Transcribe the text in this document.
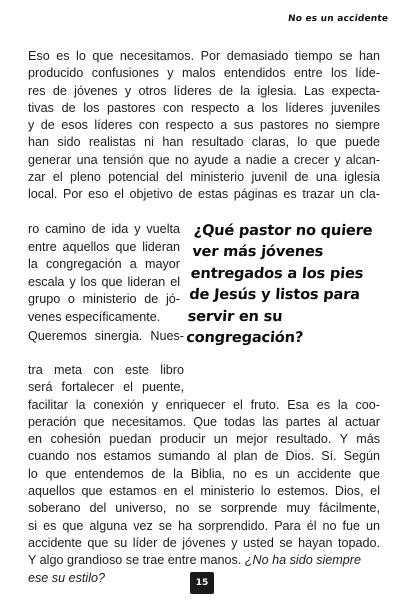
No es un accidente
Eso es lo que necesitamos. Por demasiado tiempo se han
producido confusiones y malos entendidos entre los líde-
res de jóvenes y otros líderes de la iglesia. Las expecta-
tivas de los pastores con respecto a los líderes juveniles
y de esos líderes con respecto a sus pastores no siempre
han sido realistas ni han resultado claras, lo que puede
generar una tensión que no ayude a nadie a crecer y alcan-
zar el pleno potencial del ministerio juvenil de una iglesia
local. Por eso el objetivo de estas páginas es trazar un cla-
ro camino de ida y vuelta
entre aquellos que lideran
la congregación a mayor
escala y los que lideran el
grupo o ministerio de jó-
venes específicamente.
¿Qué pastor no quiere
ver más jóvenes
entregados a los pies
de Jesús y listos para
servir en su
congregación?
Queremos sinergia. Nues-
tra meta con este libro
será fortalecer el puente,
facilitar la conexión y enriquecer el fruto. Esa es la coo-
peración que necesitamos. Que todas las partes al actuar
en cohesión puedan producir un mejor resultado. Y más
cuando nos estamos sumando al plan de Dios. Sí. Según
lo que entendemos de la Biblia, no es un accidente que
aquellos que estamos en el ministerio lo estemos. Dios, el
soberano del universo, no se sorprende muy fácilmente,
si es que alguna vez se ha sorprendido. Para él no fue un
accidente que su líder de jóvenes y usted se hayan topado.
Y algo grandioso se trae entre manos. ¿No ha sido siempre
ese su estilo?	15
